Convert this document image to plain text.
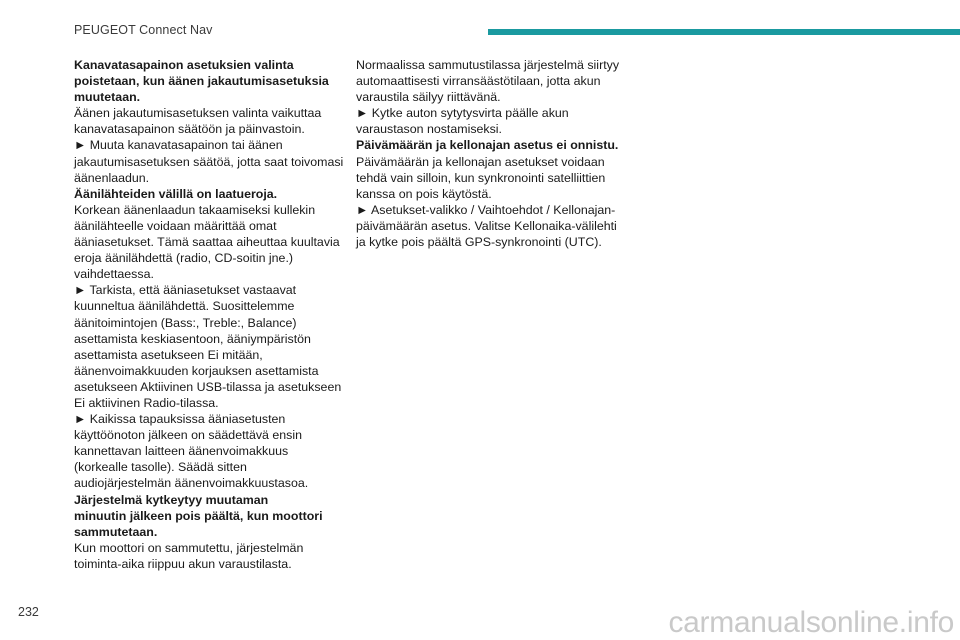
PEUGEOT Connect Nav

Kanavatasapainon asetuksien valinta
poistetaan, kun äänen jakautumisasetuksia
muutetaan.

Äänen jakautumisasetuksen valinta vaikuttaa
kanavatasapainon säätöön ja päinvastoin.

► Muuta kanavatasapainon tai äänen
jakautumisasetuksen säätöä, jotta saat toivomasi
äänenlaadun.

Äänilähteiden välillä on laatueroja.

Korkean äänenlaadun takaamiseksi kullekin
äänilähteelle voidaan määrittää omat
ääniasetukset. Tämä saattaa aiheuttaa kuultavia
eroja äänilähdettä (radio, CD-soitin jne.)
vaihdettaessa.

► Tarkista, että ääniasetukset vastaavat
kuunneltua äänilähdettä. Suosittelemme
äänitoimintojen (Bass:, Treble:, Balance)
asettamista keskiasentoon, ääniympäristön
asettamista asetukseen Ei mitään,
äänenvoimakkuuden korjauksen asettamista
asetukseen Aktiivinen USB-tilassa ja asetukseen
Ei aktiivinen Radio-tilassa.

► Kaikissa tapauksissa ääniasetusten
käyttöönoton jälkeen on säädettävä ensin
kannettavan laitteen äänenvoimakkuus
(korkealle tasolle). Säädä sitten
audiojärjestelmän äänenvoimakkuustasoa.

Järjestelmä kytkeytyy muutaman
minuutin jälkeen pois päältä, kun moottori
sammutetaan.

Kun moottori on sammutettu, järjestelmän
toiminta-aika riippuu akun varaustilasta.

Normaalissa sammutustilassa järjestelmä siirtyy
automaattisesti virransäästötilaan, jotta akun
varaustila säilyy riittävänä.

► Kytke auton sytytysvirta päälle akun
varaustason nostamiseksi.

Päivämäärän ja kellonajan asetus ei onnistu.

Päivämäärän ja kellonajan asetukset voidaan
tehdä vain silloin, kun synkronointi satelliittien
kanssa on pois käytöstä.

► Asetukset-valikko / Vaihtoehdot / Kellonajan-
päivämäärän asetus. Valitse Kellonaika-välilehti
ja kytke pois päältä GPS-synkronointi (UTC).

232	carmanualsonline.info
